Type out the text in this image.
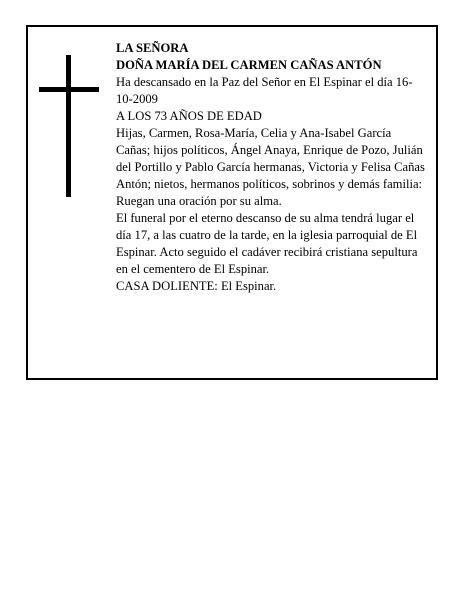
LA SEÑORA

DOÑA MARÍA DEL CARMEN CAÑAS ANTÓN

Ha descansado en la Paz del Señor en El Espinar el día 16-10-2009

A LOS 73 AÑOS DE EDAD

Hijas, Carmen, Rosa-María, Celia y Ana-Isabel García Cañas; hijos políticos, Ángel Anaya, Enrique de Pozo, Julián del Portillo y Pablo García hermanas, Victoria y Felisa Cañas Antón; nietos, hermanos políticos, sobrinos y demás familia:

Ruegan una oración por su alma.

El funeral por el eterno descanso de su alma tendrá lugar el día 17, a las cuatro de la tarde, en la iglesia parroquial de El Espinar. Acto seguido el cadáver recibirá cristiana sepultura en el cementero de El Espinar.

CASA DOLIENTE: El Espinar.
